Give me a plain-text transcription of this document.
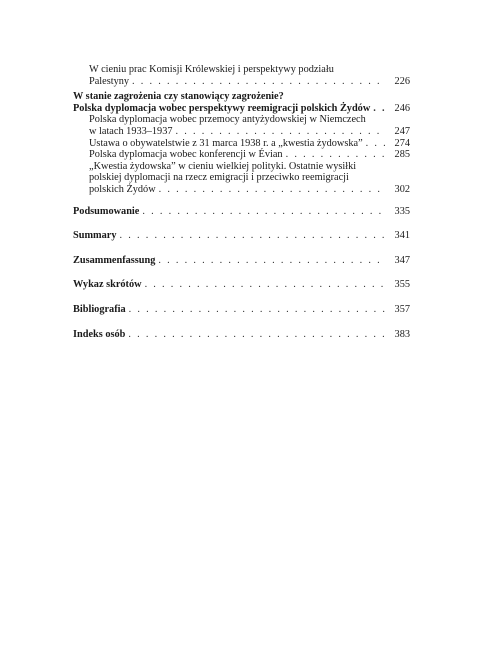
W cieniu prac Komisji Królewskiej i perspektywy podziału
Palestyny . . .	226
W stanie zagrożenia czy stanowiący zagrożenie?
Polska dyplomacja wobec perspektywy reemigracji polskich Żydów . . .	246
Polska dyplomacja wobec przemocy antyżydowskiej w Niemczech
w latach 1933–1937 . . .	247
Ustawa o obywatelstwie z 31 marca 1938 r. a „kwestia żydowska” . . .	274
Polska dyplomacja wobec konferencji w Évian . . .	285
„Kwestia żydowska” w cieniu wielkiej polityki. Ostatnie wysiłki
polskiej dyplomacji na rzecz emigracji i przeciwko reemigracji
polskich Żydów . . .	302
Podsumowanie . . .	335
Summary . . .	341
Zusammenfassung . . .	347
Wykaz skrótów . . .	355
Bibliografia . . .	357
Indeks osób . . .	383
